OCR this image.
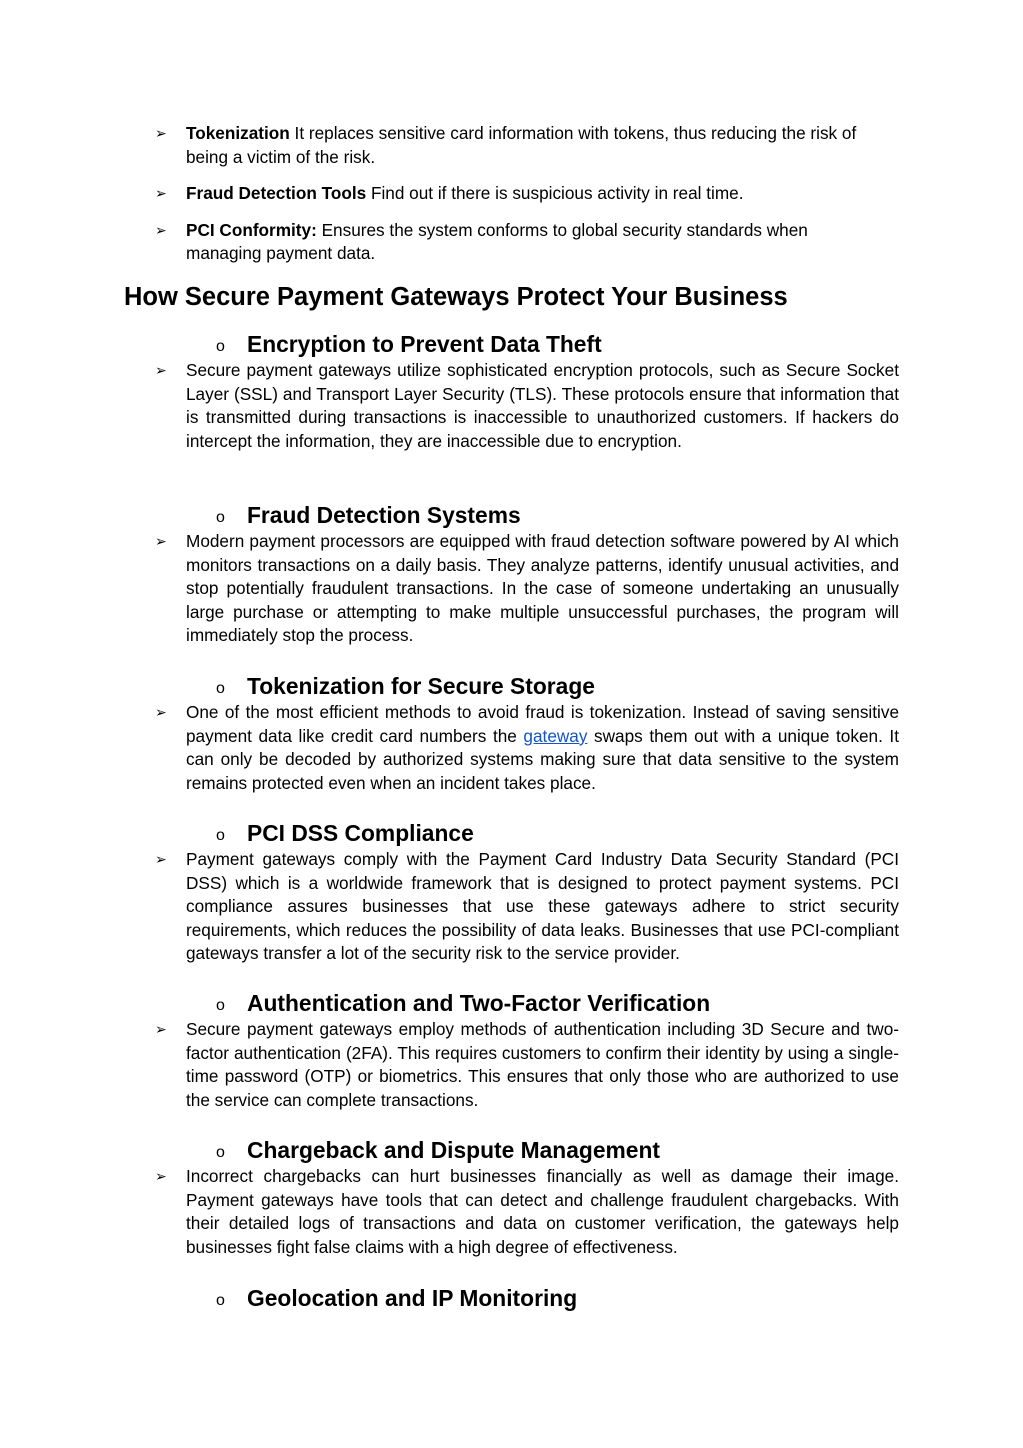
➢ Tokenization It replaces sensitive card information with tokens, thus reducing the risk of being a victim of the risk.
➢ Fraud Detection Tools Find out if there is suspicious activity in real time.
➢ PCI Conformity: Ensures the system conforms to global security standards when managing payment data.
How Secure Payment Gateways Protect Your Business
o Encryption to Prevent Data Theft
➢ Secure payment gateways utilize sophisticated encryption protocols, such as Secure Socket Layer (SSL) and Transport Layer Security (TLS). These protocols ensure that information that is transmitted during transactions is inaccessible to unauthorized customers. If hackers do intercept the information, they are inaccessible due to encryption.
o Fraud Detection Systems
➢ Modern payment processors are equipped with fraud detection software powered by AI which monitors transactions on a daily basis. They analyze patterns, identify unusual activities, and stop potentially fraudulent transactions. In the case of someone undertaking an unusually large purchase or attempting to make multiple unsuccessful purchases, the program will immediately stop the process.
o Tokenization for Secure Storage
➢ One of the most efficient methods to avoid fraud is tokenization. Instead of saving sensitive payment data like credit card numbers the gateway swaps them out with a unique token. It can only be decoded by authorized systems making sure that data sensitive to the system remains protected even when an incident takes place.
o PCI DSS Compliance
➢ Payment gateways comply with the Payment Card Industry Data Security Standard (PCI DSS) which is a worldwide framework that is designed to protect payment systems. PCI compliance assures businesses that use these gateways adhere to strict security requirements, which reduces the possibility of data leaks. Businesses that use PCI-compliant gateways transfer a lot of the security risk to the service provider.
o Authentication and Two-Factor Verification
➢ Secure payment gateways employ methods of authentication including 3D Secure and two-factor authentication (2FA). This requires customers to confirm their identity by using a single-time password (OTP) or biometrics. This ensures that only those who are authorized to use the service can complete transactions.
o Chargeback and Dispute Management
➢ Incorrect chargebacks can hurt businesses financially as well as damage their image. Payment gateways have tools that can detect and challenge fraudulent chargebacks. With their detailed logs of transactions and data on customer verification, the gateways help businesses fight false claims with a high degree of effectiveness.
o Geolocation and IP Monitoring
